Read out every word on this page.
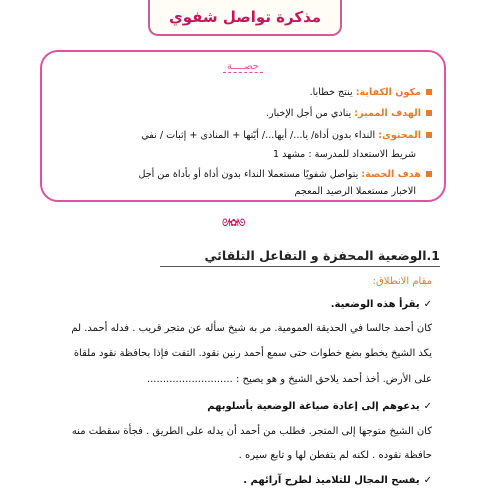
مذكرة تواصل شفوي
حصــــة
مكون الكفاية: ينتج خطابا.
الهدف المميز: ينادي من أجل الإخبار.
المحتوى: النداء بدون أداة/ يا.../ أيها.../ أيّتها + المنادى + إثبات / نفي
شريط الاستعداد للمدرسة : مشهد 1
هدف الحصة: يتواصل شفويًا مستعملا النداء بدون أداة أو بأداة من أجل
الاخبار مستعملا الرصيد المعجم
ᘛ✿ᘚ
1.الوضعية المحفزة و التفاعل التلقائي
مقام الانطلاق:
✓يقرأ هذه الوضعية.
كان أحمد جالسا في الحديقة العمومية. مر به شيخ سأله عن متجر قريب . فدله أحمد. لم
يكد الشيخ يخطو بضع خطوات حتى سمع أحمد رنين نقود. التفت فإذا بحافظة نقود ملقاة
على الأرض. أخذ أحمد يلاحق الشيخ و هو يصيح : ...........................
✓يدعوهم إلى إعادة صياغة الوضعية بأسلوبهم
كان الشيخ متوجها إلى المتجر. فطلب من أحمد أن يدله على الطريق . فجأة سقطت منه
حافظة نقوده . لكنه لم يتفطن لها و تابع سيره .
✓يفسح المجال للتلاميذ لطرح آرائهم .
